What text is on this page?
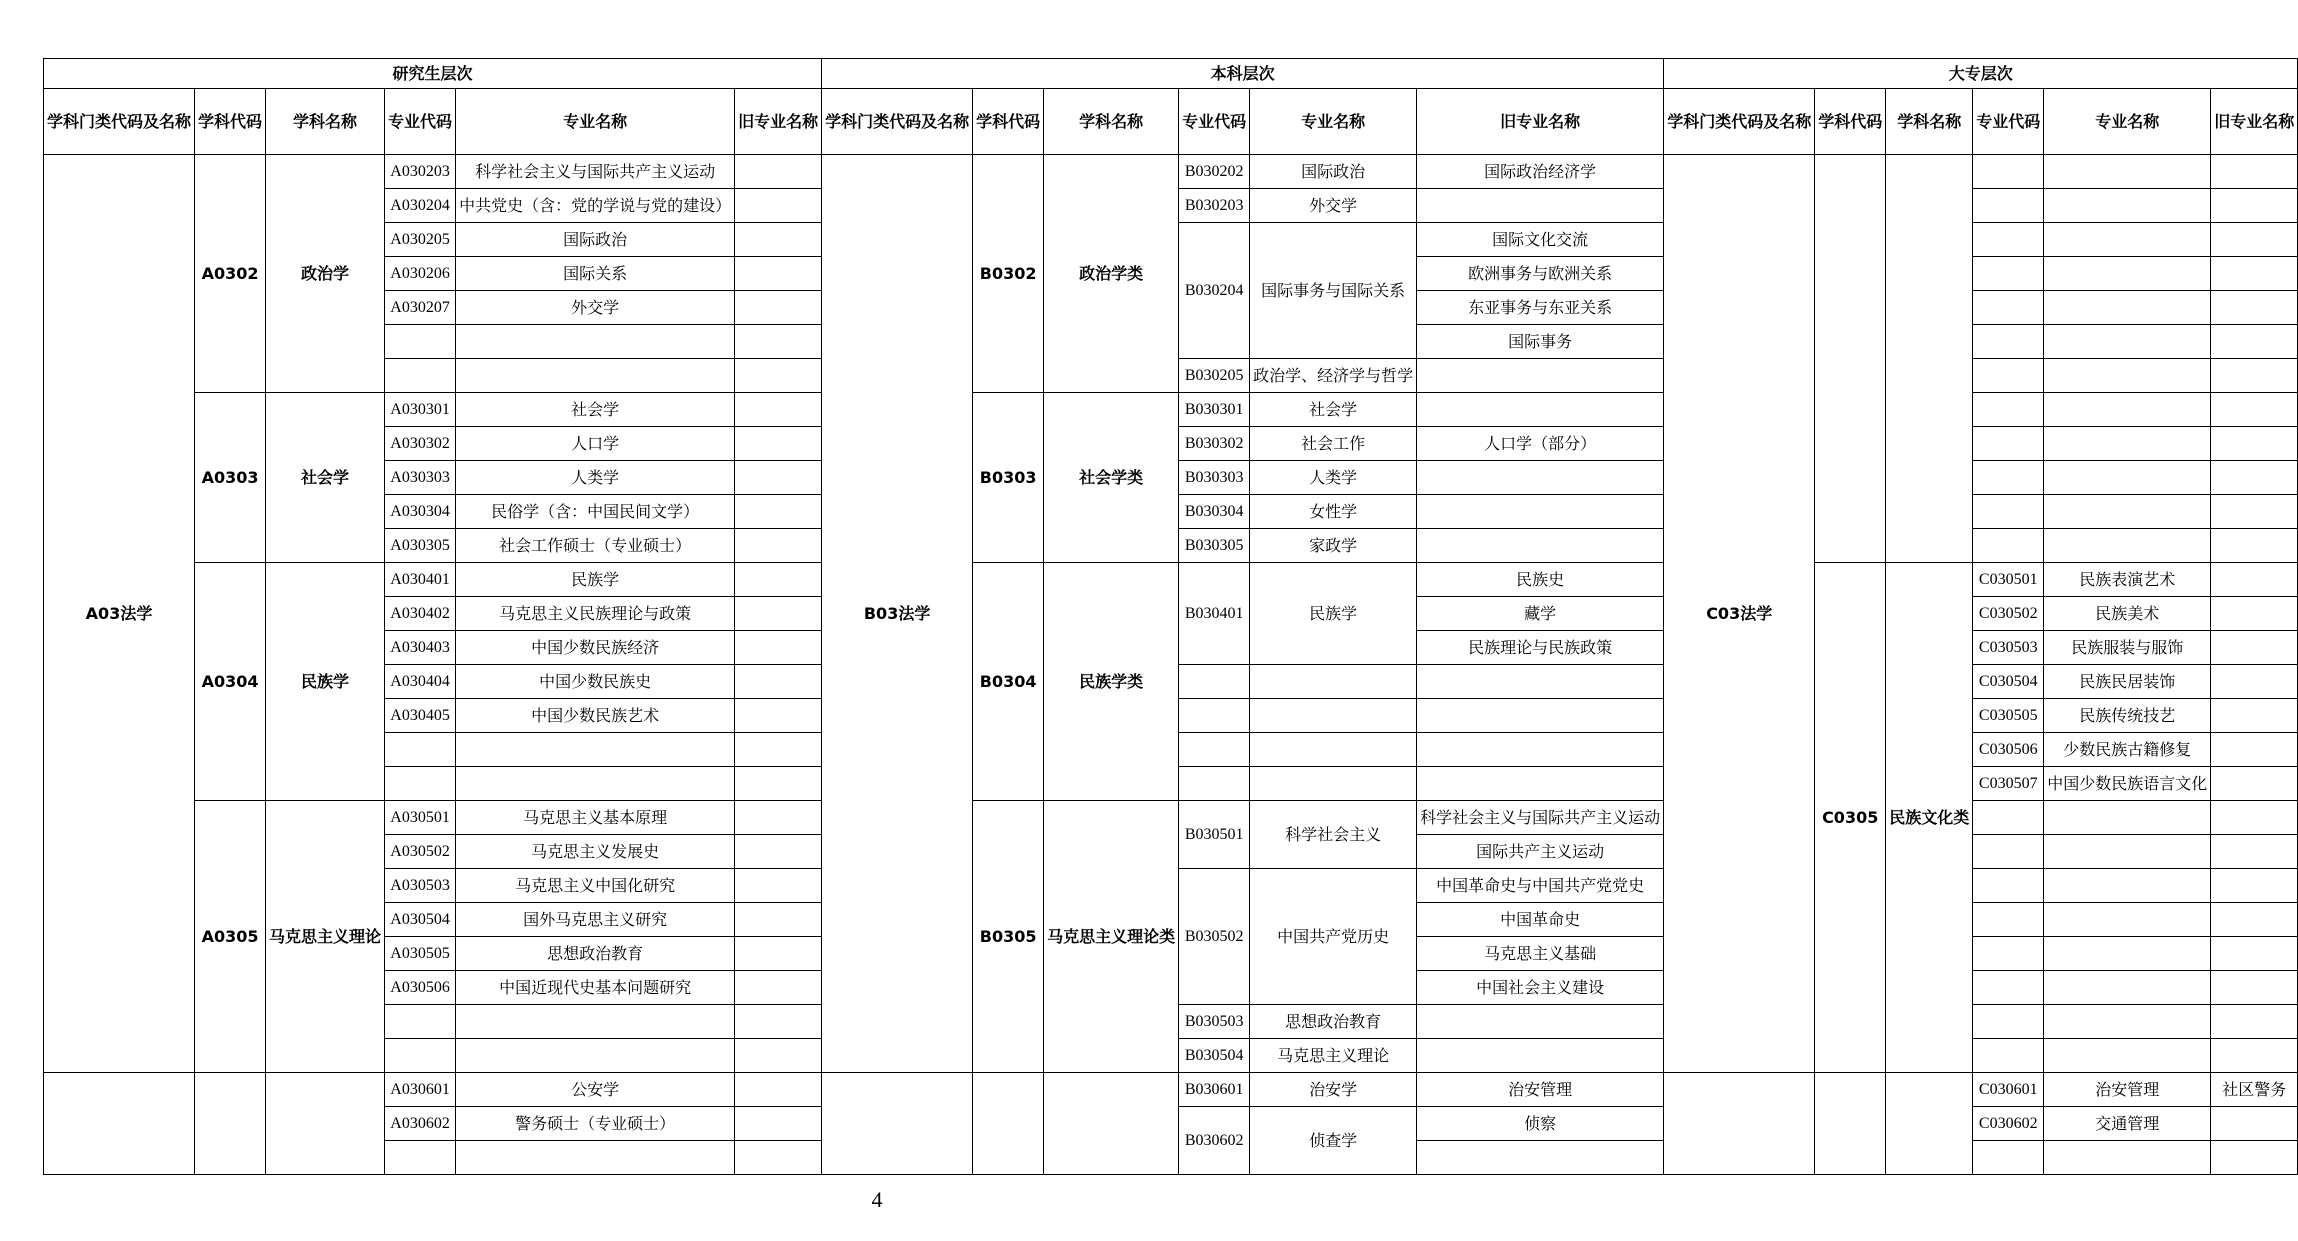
研究生层次						本科层次						大专层次					
学科门类代码及名称	学科代码	学科名称	专业代码	专业名称	旧专业名称	学科门类代码及名称	学科代码	学科名称	专业代码	专业名称	旧专业名称	学科门类代码及名称	学科代码	学科名称	专业代码	专业名称	旧专业名称
A03法学	A0302	政治学	A030203	科学社会主义与国际共产主义运动		B03法学	B0302	政治学类	B030202	国际政治	国际政治经济学	C03法学					
			A030204	中共党史（含：党的学说与党的建设）					B030203	外交学							
			A030205	国际政治					B030204	国际事务与国际关系	国际文化交流						
			A030206	国际关系							欧洲事务与欧洲关系						
			A030207	外交学							东亚事务与东亚关系						
											国际事务						
									B030205	政治学、经济学与哲学							
	A0303	社会学	A030301	社会学			B0303	社会学类	B030301	社会学							
			A030302	人口学					B030302	社会工作	人口学（部分）						
			A030303	人类学					B030303	人类学							
			A030304	民俗学（含：中国民间文学）					B030304	女性学							
			A030305	社会工作硕士（专业硕士）					B030305	家政学							
	A0304	民族学	A030401	民族学			B0304	民族学类	B030401	民族学	民族史		C0305	民族文化类	C030501	民族表演艺术	
			A030402	马克思主义民族理论与政策							藏学				C030502	民族美术	
			A030403	中国少数民族经济							民族理论与民族政策				C030503	民族服装与服饰	
			A030404	中国少数民族史											C030504	民族民居装饰	
			A030405	中国少数民族艺术											C030505	民族传统技艺	
															C030506	少数民族古籍修复	
															C030507	中国少数民族语言文化	
	A0305	马克思主义理论	A030501	马克思主义基本原理			B0305	马克思主义理论类	B030501	科学社会主义	科学社会主义与国际共产主义运动						
			A030502	马克思主义发展史							国际共产主义运动						
			A030503	马克思主义中国化研究					B030502	中国共产党历史	中国革命史与中国共产党党史						
			A030504	国外马克思主义研究							中国革命史						
			A030505	思想政治教育							马克思主义基础						
			A030506	中国近现代史基本问题研究							中国社会主义建设						
									B030503	思想政治教育							
									B030504	马克思主义理论							
			A030601	公安学					B030601	治安学	治安管理				C030601	治安管理	社区警务
			A030602	警务硕士（专业硕士）					B030602	侦查学	侦察				C030602	交通管理	

4
